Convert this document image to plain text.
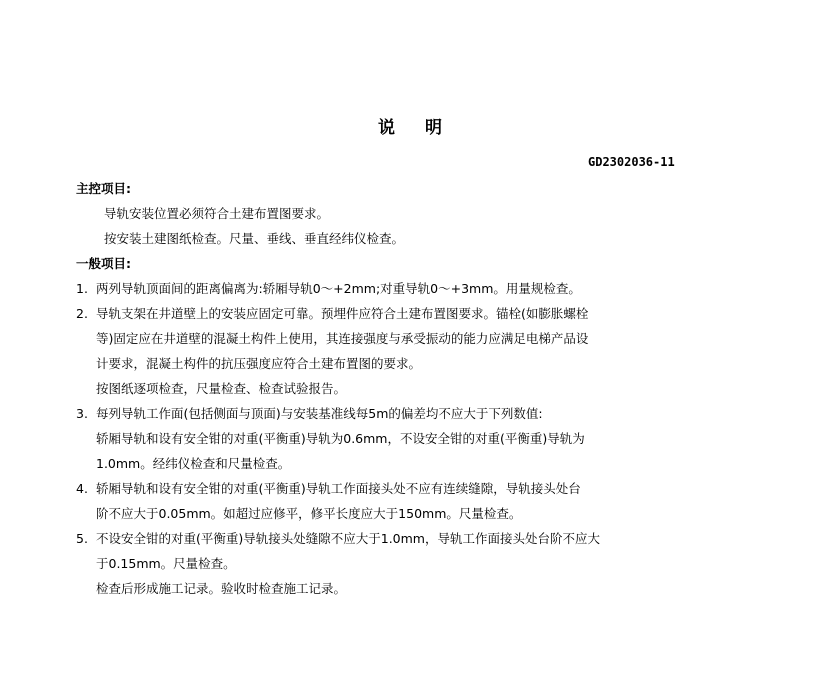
说 明
GD2302036-11
主控项目:
导轨安装位置必须符合土建布置图要求。
按安装土建图纸检查。尺量、垂线、垂直经纬仪检查。
一般项目:
1. 两列导轨顶面间的距离偏离为:轿厢导轨0～+2mm;对重导轨0～+3mm。用量规检查。
2. 导轨支架在井道壁上的安装应固定可靠。预埋件应符合土建布置图要求。锚栓(如膨胀螺栓
等)固定应在井道壁的混凝土构件上使用，其连接强度与承受振动的能力应满足电梯产品设
计要求，混凝土构件的抗压强度应符合土建布置图的要求。
按图纸逐项检查，尺量检查、检查试验报告。
3. 每列导轨工作面(包括侧面与顶面)与安装基准线每5m的偏差均不应大于下列数值:
轿厢导轨和设有安全钳的对重(平衡重)导轨为0.6mm，不设安全钳的对重(平衡重)导轨为
1.0mm。经纬仪检查和尺量检查。
4. 轿厢导轨和设有安全钳的对重(平衡重)导轨工作面接头处不应有连续缝隙，导轨接头处台
阶不应大于0.05mm。如超过应修平，修平长度应大于150mm。尺量检查。
5. 不设安全钳的对重(平衡重)导轨接头处缝隙不应大于1.0mm，导轨工作面接头处台阶不应大
于0.15mm。尺量检查。
检查后形成施工记录。验收时检查施工记录。
